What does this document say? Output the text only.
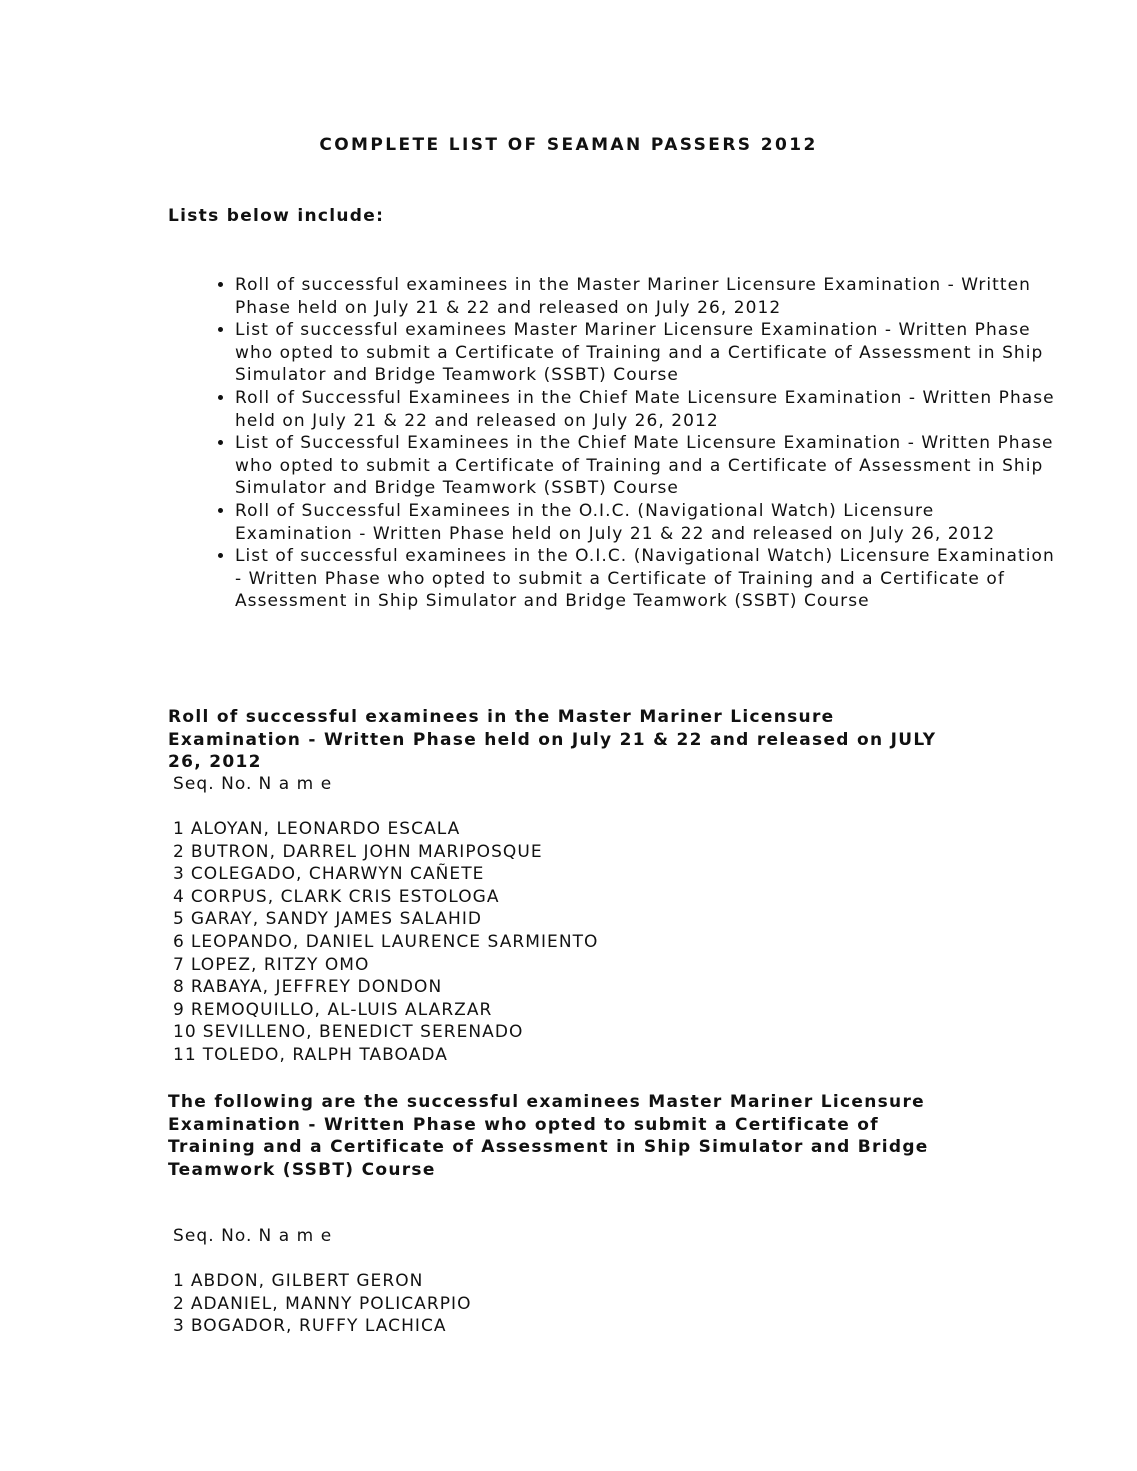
COMPLETE LIST OF SEAMAN PASSERS 2012

Lists below include:

• Roll of successful examinees in the Master Mariner Licensure Examination - Written Phase held on July 21 & 22 and released on July 26, 2012
• List of successful examinees Master Mariner Licensure Examination - Written Phase who opted to submit a Certificate of Training and a Certificate of Assessment in Ship Simulator and Bridge Teamwork (SSBT) Course
• Roll of Successful Examinees in the Chief Mate Licensure Examination - Written Phase held on July 21 & 22 and released on July 26, 2012
• List of Successful Examinees in the Chief Mate Licensure Examination - Written Phase who opted to submit a Certificate of Training and a Certificate of Assessment in Ship Simulator and Bridge Teamwork (SSBT) Course
• Roll of Successful Examinees in the O.I.C. (Navigational Watch) Licensure Examination - Written Phase held on July 21 & 22 and released on July 26, 2012
• List of successful examinees in the O.I.C. (Navigational Watch) Licensure Examination - Written Phase who opted to submit a Certificate of Training and a Certificate of Assessment in Ship Simulator and Bridge Teamwork (SSBT) Course

Roll of successful examinees in the Master Mariner Licensure Examination - Written Phase held on July 21 & 22 and released on JULY 26, 2012

Seq. No. N a m e
1 ALOYAN, LEONARDO ESCALA
2 BUTRON, DARREL JOHN MARIPOSQUE
3 COLEGADO, CHARWYN CAÑETE
4 CORPUS, CLARK CRIS ESTOLOGA
5 GARAY, SANDY JAMES SALAHID
6 LEOPANDO, DANIEL LAURENCE SARMIENTO
7 LOPEZ, RITZY OMO
8 RABAYA, JEFFREY DONDON
9 REMOQUILLO, AL-LUIS ALARZAR
10 SEVILLENO, BENEDICT SERENADO
11 TOLEDO, RALPH TABOADA

The following are the successful examinees Master Mariner Licensure Examination - Written Phase who opted to submit a Certificate of Training and a Certificate of Assessment in Ship Simulator and Bridge Teamwork (SSBT) Course

Seq. No. N a m e
1 ABDON, GILBERT GERON
2 ADANIEL, MANNY POLICARPIO
3 BOGADOR, RUFFY LACHICA
